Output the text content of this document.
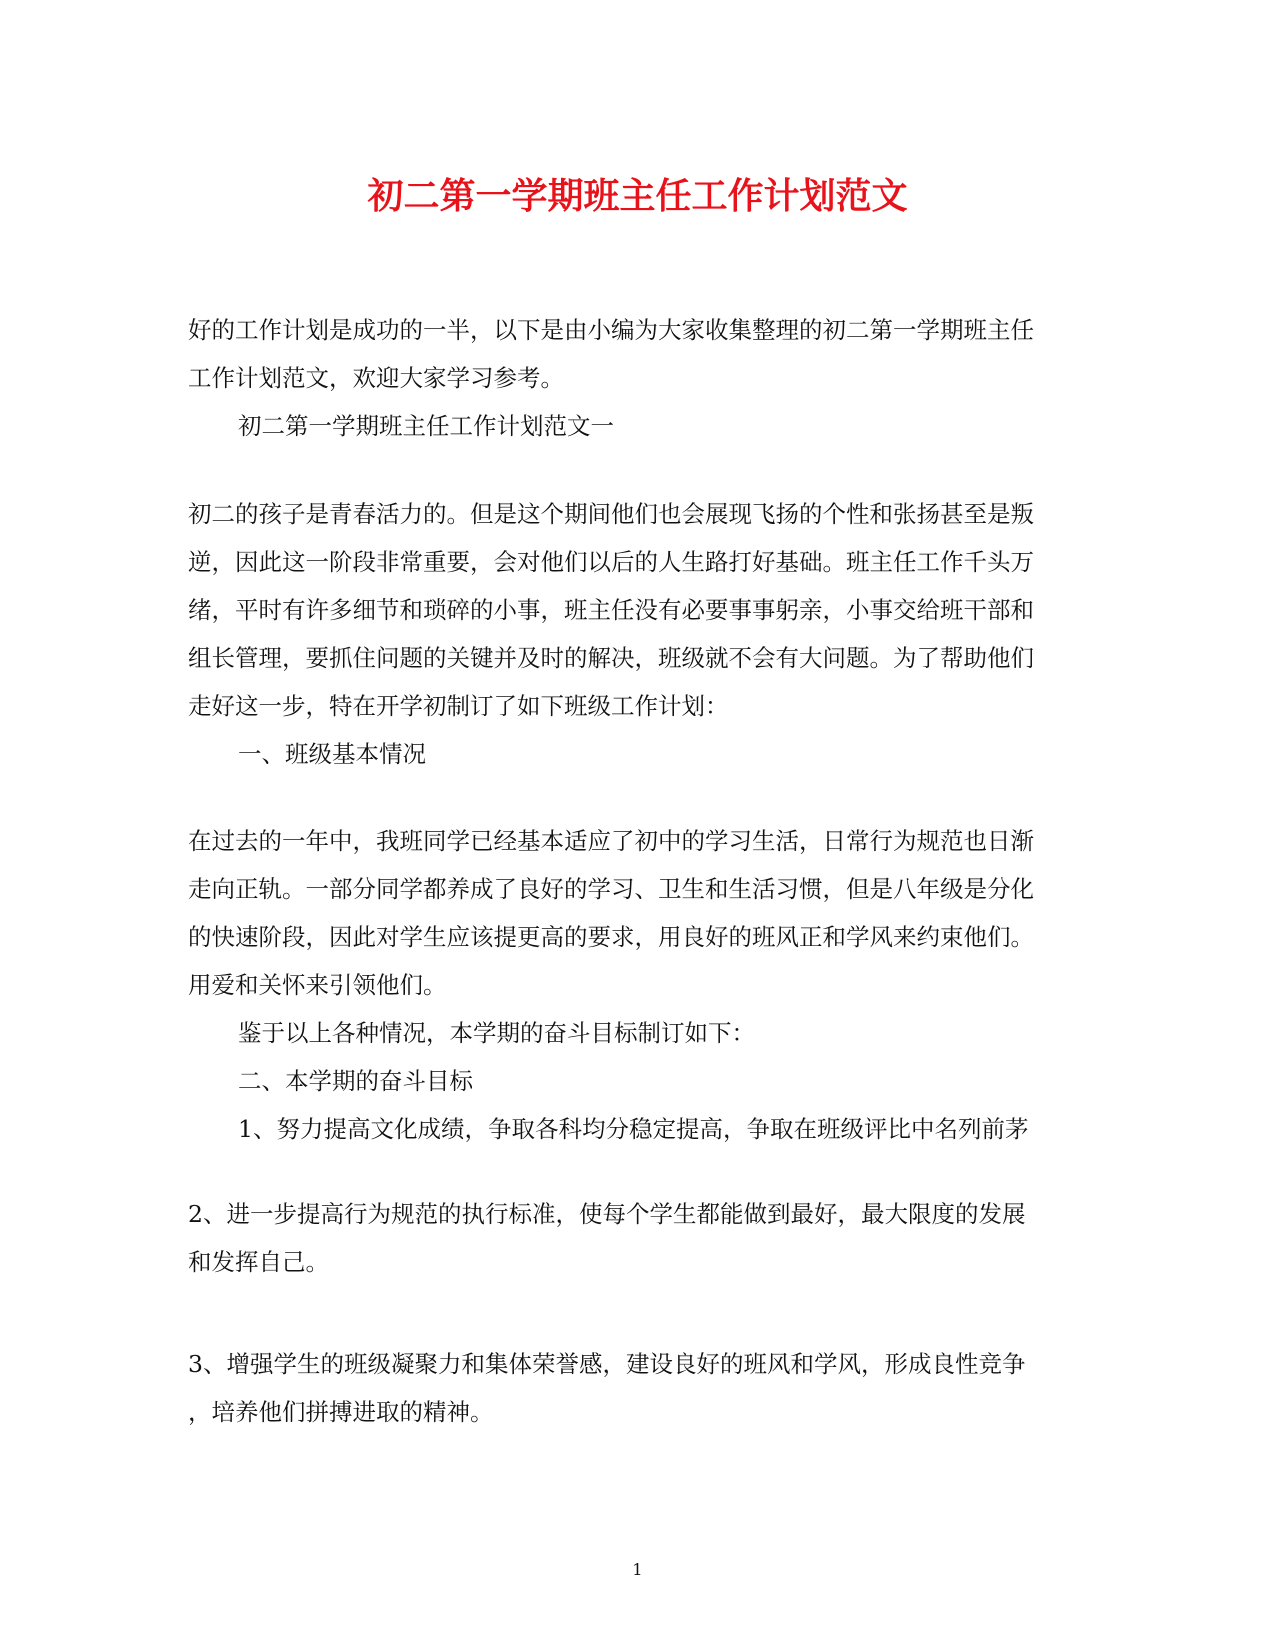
初二第一学期班主任工作计划范文
好的工作计划是成功的一半，以下是由小编为大家收集整理的初二第一学期班主任
工作计划范文，欢迎大家学习参考。
初二第一学期班主任工作计划范文一
初二的孩子是青春活力的。但是这个期间他们也会展现飞扬的个性和张扬甚至是叛
逆，因此这一阶段非常重要，会对他们以后的人生路打好基础。班主任工作千头万
绪，平时有许多细节和琐碎的小事，班主任没有必要事事躬亲，小事交给班干部和
组长管理，要抓住问题的关键并及时的解决，班级就不会有大问题。为了帮助他们
走好这一步，特在开学初制订了如下班级工作计划：
一、班级基本情况
在过去的一年中，我班同学已经基本适应了初中的学习生活，日常行为规范也日渐
走向正轨。一部分同学都养成了良好的学习、卫生和生活习惯，但是八年级是分化
的快速阶段，因此对学生应该提更高的要求，用良好的班风正和学风来约束他们。
用爱和关怀来引领他们。
鉴于以上各种情况，本学期的奋斗目标制订如下：
二、本学期的奋斗目标
1、努力提高文化成绩，争取各科均分稳定提高，争取在班级评比中名列前茅
2、进一步提高行为规范的执行标准，使每个学生都能做到最好，最大限度的发展
和发挥自己。
3、增强学生的班级凝聚力和集体荣誉感，建设良好的班风和学风，形成良性竞争
，培养他们拼搏进取的精神。
1
